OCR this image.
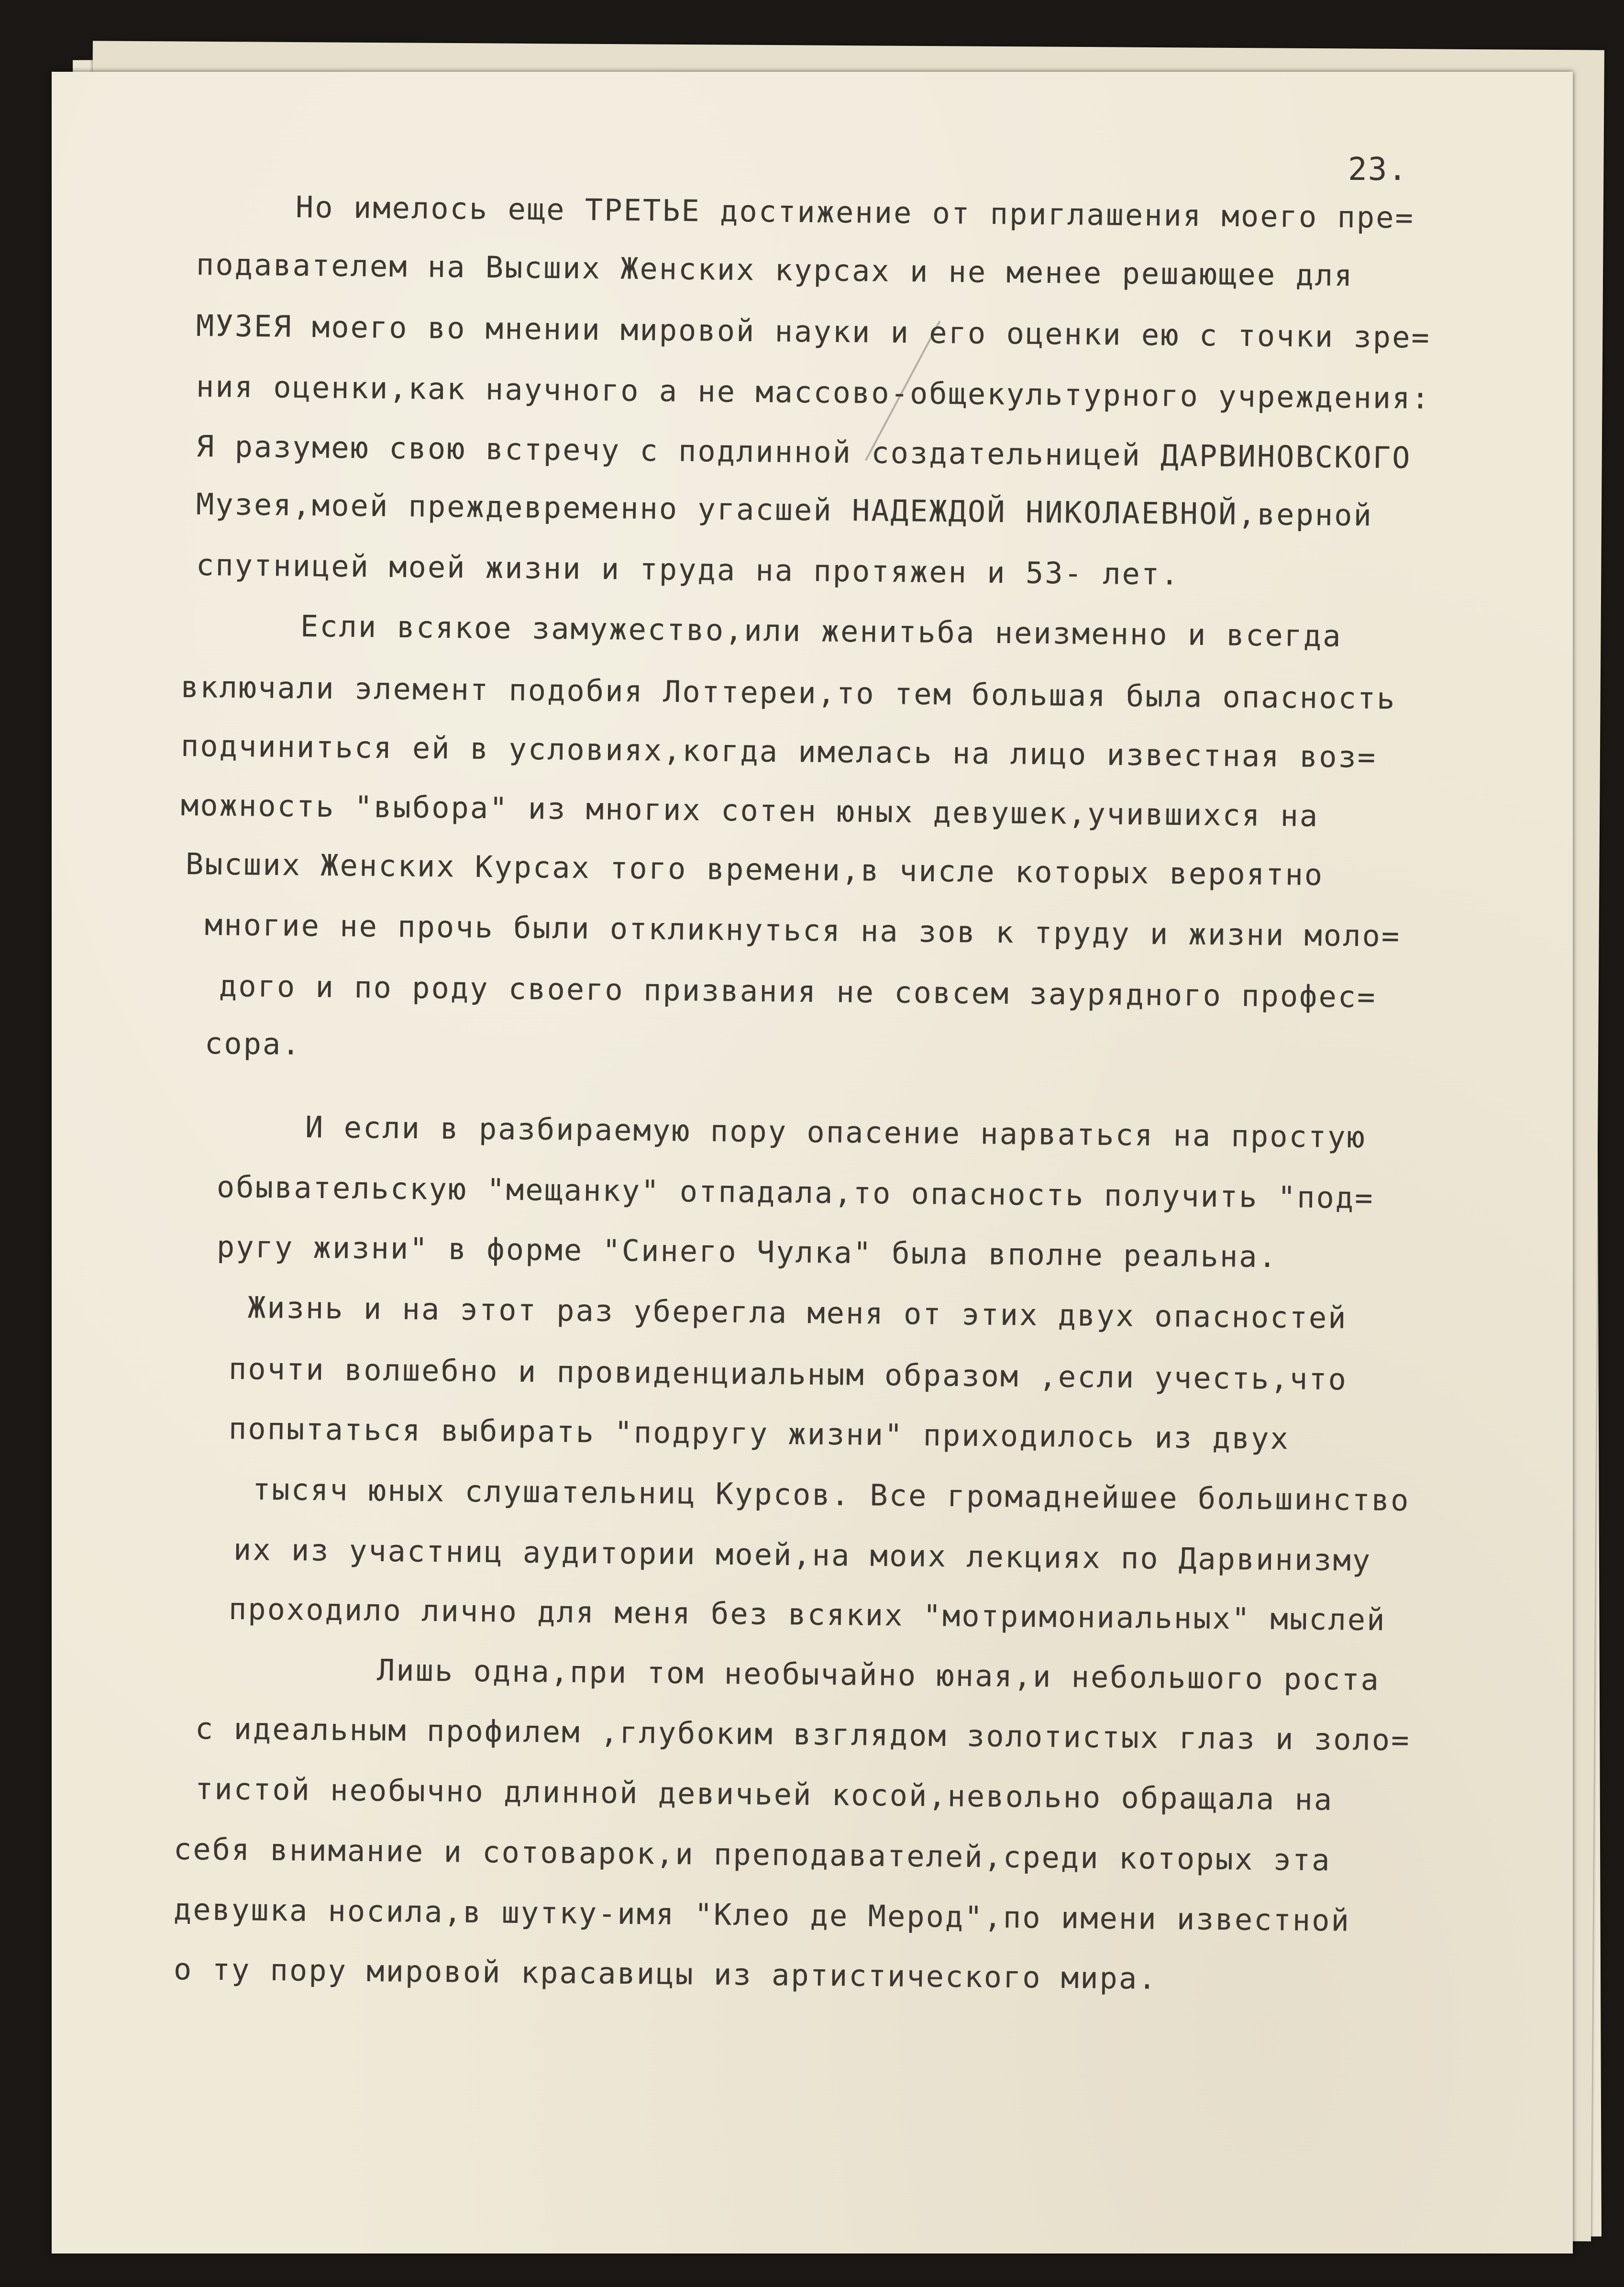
23.

Но имелось еще ТРЕТЬЕ достижение от приглашения моего пре=

подавателем на Высших Женских курсах и не менее решающее для

МУЗЕЯ моего во мнении мировой науки и его оценки ею с точки зре=

ния оценки,как научного а не массово-общекультурного учреждения:

Я разумею свою встречу с подлинной создательницей ДАРВИНОВСКОГО

Музея,моей преждевременно угасшей НАДЕЖДОЙ НИКОЛАЕВНОЙ,верной

спутницей моей жизни и труда на протяжен и 53- лет.

Если всякое замужество,или женитьба неизменно и всегда

включали элемент подобия Лоттереи,то тем большая была опасность

подчиниться ей в условиях,когда имелась на лицо известная воз=

можность "выбора" из многих сотен юных девушек,учившихся на

Высших Женских Курсах того времени,в числе которых вероятно

многие не прочь были откликнуться на зов к труду и жизни моло=

дого и по роду своего призвания не совсем заурядного профес=

сора.

И если в разбираемую пору опасение нарваться на простую

обывательскую "мещанку" отпадала,то опасность получить "под=

ругу жизни" в форме "Синего Чулка" была вполне реальна.

Жизнь и на этот раз уберегла меня от этих двух опасностей

почти волшебно и провиденциальным образом ,если учесть,что

попытаться выбирать "подругу жизни" приходилось из двух

тысяч юных слушательниц Курсов. Все громаднейшее большинство

их из участниц аудитории моей,на моих лекциях по Дарвинизму

проходило лично для меня без всяких "мотримониальных" мыслей

Лишь одна,при том необычайно юная,и небольшого роста

с идеальным профилем ,глубоким взглядом золотистых глаз и золо=

тистой необычно длинной девичьей косой,невольно обращала на

себя внимание и сотоварок,и преподавателей,среди которых эта

девушка носила,в шутку-имя "Клео де Мерод",по имени известной

о ту пору мировой красавицы из артистического мира.
